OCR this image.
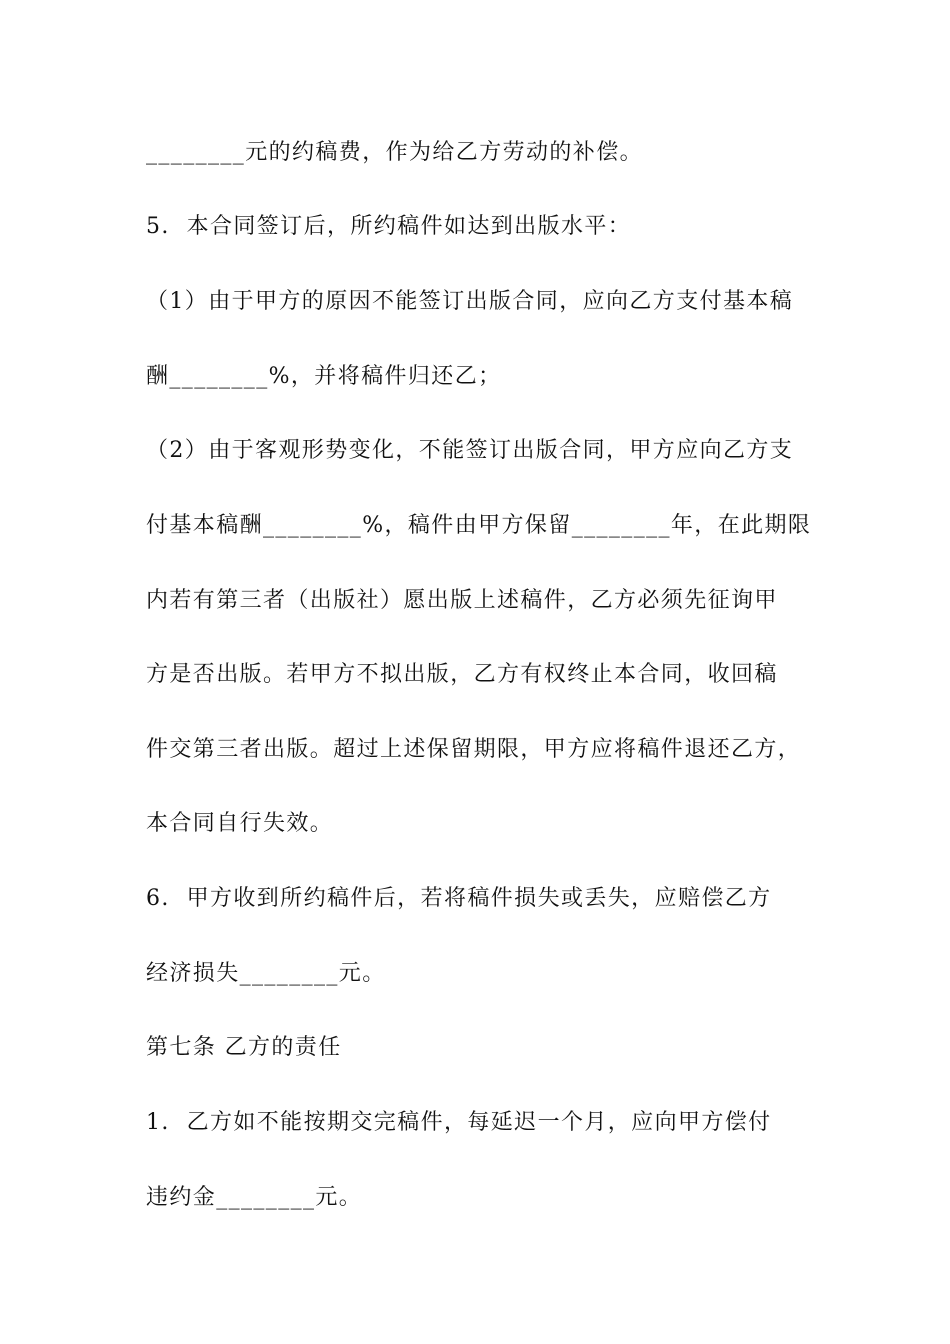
________元的约稿费，作为给乙方劳动的补偿。
5.  本合同签订后，所约稿件如达到出版水平：
（1）由于甲方的原因不能签订出版合同，应向乙方支付基本稿
酬________%，并将稿件归还乙；
（2）由于客观形势变化，不能签订出版合同，甲方应向乙方支
付基本稿酬________%，稿件由甲方保留________年，在此期限
内若有第三者（出版社）愿出版上述稿件，乙方必须先征询甲
方是否出版。若甲方不拟出版，乙方有权终止本合同，收回稿
件交第三者出版。超过上述保留期限，甲方应将稿件退还乙方，
本合同自行失效。
6.  甲方收到所约稿件后，若将稿件损失或丢失，应赔偿乙方
经济损失________元。
第七条 乙方的责任
1.  乙方如不能按期交完稿件，每延迟一个月，应向甲方偿付
违约金________元。
